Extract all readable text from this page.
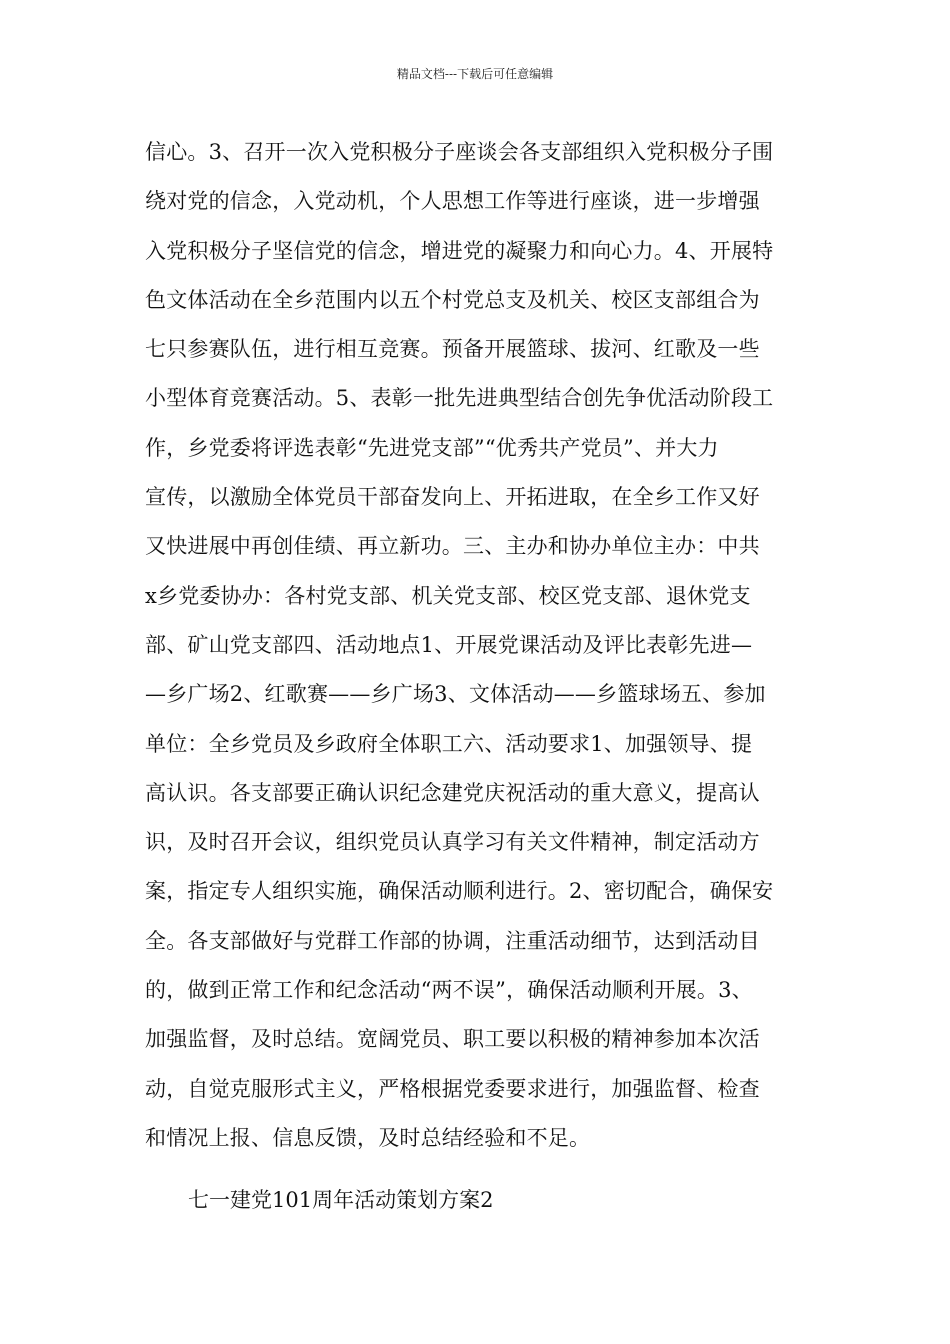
精品文档---下载后可任意编辑
信心。3、召开一次入党积极分子座谈会各支部组织入党积极分子围
绕对党的信念，入党动机，个人思想工作等进行座谈，进一步增强
入党积极分子坚信党的信念，增进党的凝聚力和向心力。4、开展特
色文体活动在全乡范围内以五个村党总支及机关、校区支部组合为
七只参赛队伍，进行相互竞赛。预备开展篮球、拔河、红歌及一些
小型体育竞赛活动。5、表彰一批先进典型结合创先争优活动阶段工
作，乡党委将评选表彰“先进党支部”“优秀共产党员”、并大力
宣传，以激励全体党员干部奋发向上、开拓进取，在全乡工作又好
又快进展中再创佳绩、再立新功。三、主办和协办单位主办：中共
x乡党委协办：各村党支部、机关党支部、校区党支部、退休党支
部、矿山党支部四、活动地点1、开展党课活动及评比表彰先进—
—乡广场2、红歌赛——乡广场3、文体活动——乡篮球场五、参加
单位：全乡党员及乡政府全体职工六、活动要求1、加强领导、提
高认识。各支部要正确认识纪念建党庆祝活动的重大意义，提高认
识，及时召开会议，组织党员认真学习有关文件精神，制定活动方
案，指定专人组织实施，确保活动顺利进行。2、密切配合，确保安
全。各支部做好与党群工作部的协调，注重活动细节，达到活动目
的，做到正常工作和纪念活动“两不误”，确保活动顺利开展。3、
加强监督，及时总结。宽阔党员、职工要以积极的精神参加本次活
动，自觉克服形式主义，严格根据党委要求进行，加强监督、检查
和情况上报、信息反馈，及时总结经验和不足。
七一建党101周年活动策划方案2
